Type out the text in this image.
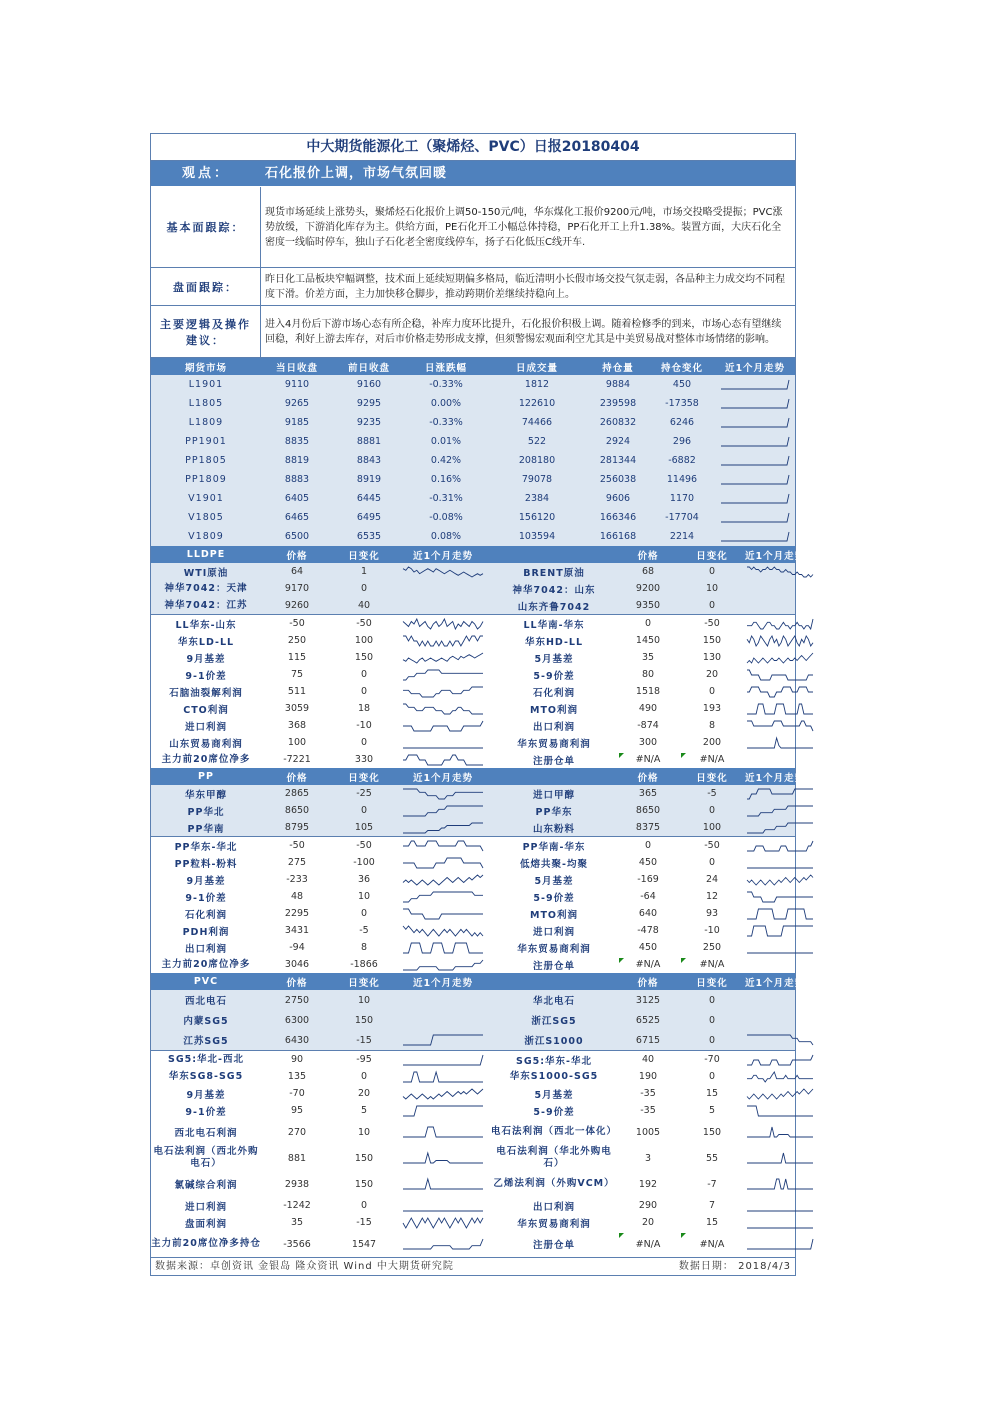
中大期货能源化工（聚烯烃、PVC）日报20180404
观点：	石化报价上调，市场气氛回暖
基本面跟踪：
现货市场延续上涨势头，聚烯烃石化报价上调50-150元/吨，华东煤化工报价9200元/吨，市场交投略受提振；PVC涨势放缓，下游消化库存为主。供给方面，PE石化开工小幅总体持稳，PP石化开工上升1.38%。装置方面，大庆石化全密度一线临时停车，独山子石化老全密度线停车，扬子石化低压C线开车.
盘面跟踪：
昨日化工品板块窄幅调整，技术面上延续短期偏多格局，临近清明小长假市场交投气氛走弱，各品种主力成交均不同程度下滑。价差方面，主力加快移仓脚步，推动跨期价差继续持稳向上。
主要逻辑及操作建议：
进入4月份后下游市场心态有所企稳，补库力度环比提升，石化报价积极上调。随着检修季的到来，市场心态有望继续回稳，利好上游去库存，对后市价格走势形成支撑，但须警惕宏观面利空尤其是中美贸易战对整体市场情绪的影响。
期货市场	当日收盘	前日收盘	日涨跌幅	日成交量	持仓量	持仓变化	近1个月走势
L1901	9110	9160	-0.33%	1812	9884	450	

L1805	9265	9295	0.00%	122610	239598	-17358	

L1809	9185	9235	-0.33%	74466	260832	6246	

PP1901	8835	8881	0.01%	522	2924	296	

PP1805	8819	8843	0.42%	208180	281344	-6882	

PP1809	8883	8919	0.16%	79078	256038	11496	

V1901	6405	6445	-0.31%	2384	9606	1170	

V1805	6465	6495	-0.08%	156120	166346	-17704	

V1809	6500	6535	0.08%	103594	166168	2214	
LLDPE	价格	日变化	近1个月走势		价格	日变化	近1个月走势
WTI原油	64	1		BRENT原油	68	0	

神华7042：天津	9170	0		神华7042：山东	9200	10	

神华7042：江苏	9260	40		山东齐鲁7042	9350	0	

LL华东-山东	-50	-50		LL华南-华东	0	-50	

华东LD-LL	250	100		华东HD-LL	1450	150	

9月基差	115	150		5月基差	35	130	

9-1价差	75	0		5-9价差	80	20	

石脑油裂解利润	511	0		石化利润	1518	0	

CTO利润	3059	18		MTO利润	490	193	

进口利润	368	-10		出口利润	-874	8	

山东贸易商利润	100	0		华东贸易商利润	300	200	

主力前20席位净多	-7221	330		注册仓单	#N/A	#N/A	
PP	价格	日变化	近1个月走势		价格	日变化	近1个月走势
华东甲醇	2865	-25		进口甲醇	365	-5	

PP华北	8650	0		PP华东	8650	0	

PP华南	8795	105		山东粉料	8375	100	

PP华东-华北	-50	-50		PP华南-华东	0	-50	

PP粒料-粉料	275	-100		低熔共聚-均聚	450	0	

9月基差	-233	36		5月基差	-169	24	

9-1价差	48	10		5-9价差	-64	12	

石化利润	2295	0		MTO利润	640	93	

PDH利润	3431	-5		进口利润	-478	-10	

出口利润	-94	8		华东贸易商利润	450	250	

主力前20席位净多	3046	-1866		注册仓单	#N/A	#N/A	
PVC	价格	日变化	近1个月走势		价格	日变化	近1个月走势
西北电石	2750	10		华北电石	3125	0	

内蒙SG5	6300	150		浙江SG5	6525	0	

江苏SG5	6430	-15		浙江S1000	6715	0	

SG5:华北-西北	90	-95		SG5:华东-华北	40	-70	

华东SG8-SG5	135	0		华东S1000-SG5	190	0	

9月基差	-70	20		5月基差	-35	15	

9-1价差	95	5		5-9价差	-35	5	

西北电石利润	270	10		电石法利润（西北一体化）	1005	150	

电石法利润（西北外购电石）	881	150		电石法利润（华北外购电石）	3	55	

氯碱综合利润	2938	150		乙烯法利润（外购VCM）	192	-7	

进口利润	-1242	0		出口利润	290	7	

盘面利润	35	-15		华东贸易商利润	20	15	

主力前20席位净多持仓	-3566	1547		注册仓单	#N/A	#N/A	
数据来源：卓创资讯 金银岛 隆众资讯 Wind 中大期货研究院	数据日期： 2018/4/3
